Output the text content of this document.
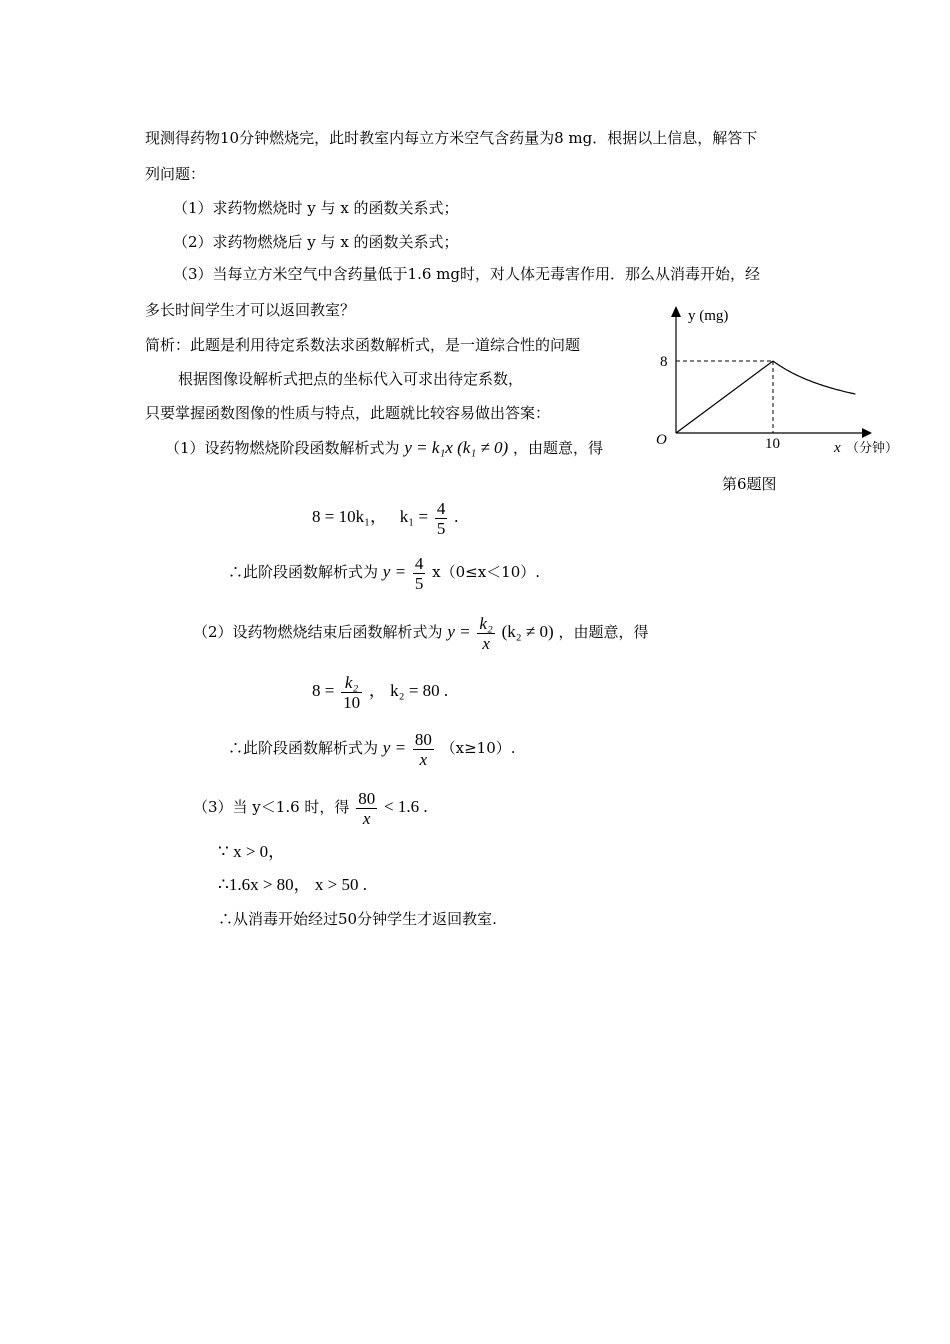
现测得药物10分钟燃烧完，此时教室内每立方米空气含药量为8 mg．根据以上信息，解答下
列问题：
（1）求药物燃烧时 y 与 x 的函数关系式；
（2）求药物燃烧后 y 与 x 的函数关系式；
（3）当每立方米空气中含药量低于1.6 mg时，对人体无毒害作用．那么从消毒开始，经
多长时间学生才可以返回教室？
简析：此题是利用待定系数法求函数解析式，是一道综合性的问题
根据图像设解析式把点的坐标代入可求出待定系数，
只要掌握函数图像的性质与特点，此题就比较容易做出答案：
（1）设药物燃烧阶段函数解析式为 y = k₁x (k₁ ≠ 0) ，由题意，得
8 = 10k₁， $k_1 = \frac{4}{5}$ .
∴此阶段函数解析式为 $y = \frac{4}{5} x(0\le x<10)$.
（2）设药物燃烧结束后函数解析式为 $y = \frac{\text{k₂}}{x} (k_2 \ne 0)$ ，由题意，得
$8 = \frac{\text{k₂}}{10}$ ， k₂ = 80 .
∴此阶段函数解析式为 $y = \frac{80}{x} (x\ge 10)$.
（3）当 y＜1.6 时，得 $\frac{80}{x} < 1.6$ .
∵ x > 0，
∴1.6x > 80， x > 50 .
∴从消毒开始经过50分钟学生才返回教室.
y (mg)
8
10
O	x （分钟）
第6题图
